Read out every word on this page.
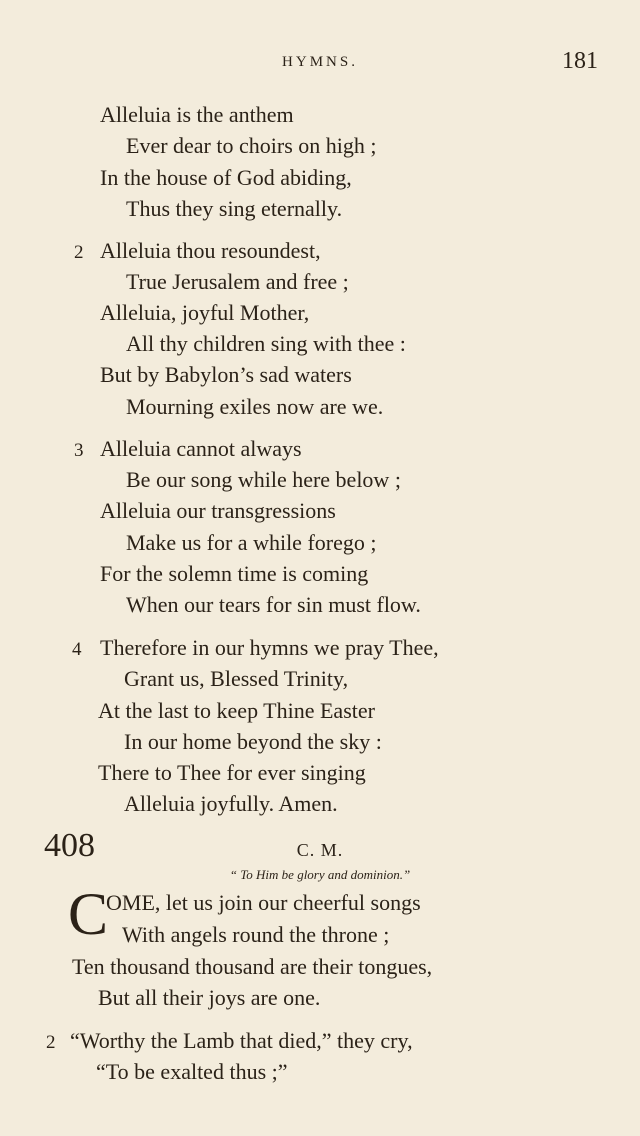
HYMNS.	181
Alleluia is the anthem
Ever dear to choirs on high ;
In the house of God abiding,
Thus they sing eternally.
2 Alleluia thou resoundest,
True Jerusalem and free ;
Alleluia, joyful Mother,
All thy children sing with thee :
But by Babylon’s sad waters
Mourning exiles now are we.
3 Alleluia cannot always
Be our song while here below ;
Alleluia our transgressions
Make us for a while forego ;
For the solemn time is coming
When our tears for sin must flow.
4 Therefore in our hymns we pray Thee,
Grant us, Blessed Trinity,
At the last to keep Thine Easter
In our home beyond the sky :
There to Thee for ever singing
Alleluia joyfully. Amen.
408	C. M.
“ To Him be glory and dominion.”
C
OME, let us join our cheerful songs
With angels round the throne ;
Ten thousand thousand are their tongues,
But all their joys are one.
2 “Worthy the Lamb that died,” they cry,
“To be exalted thus ;”
